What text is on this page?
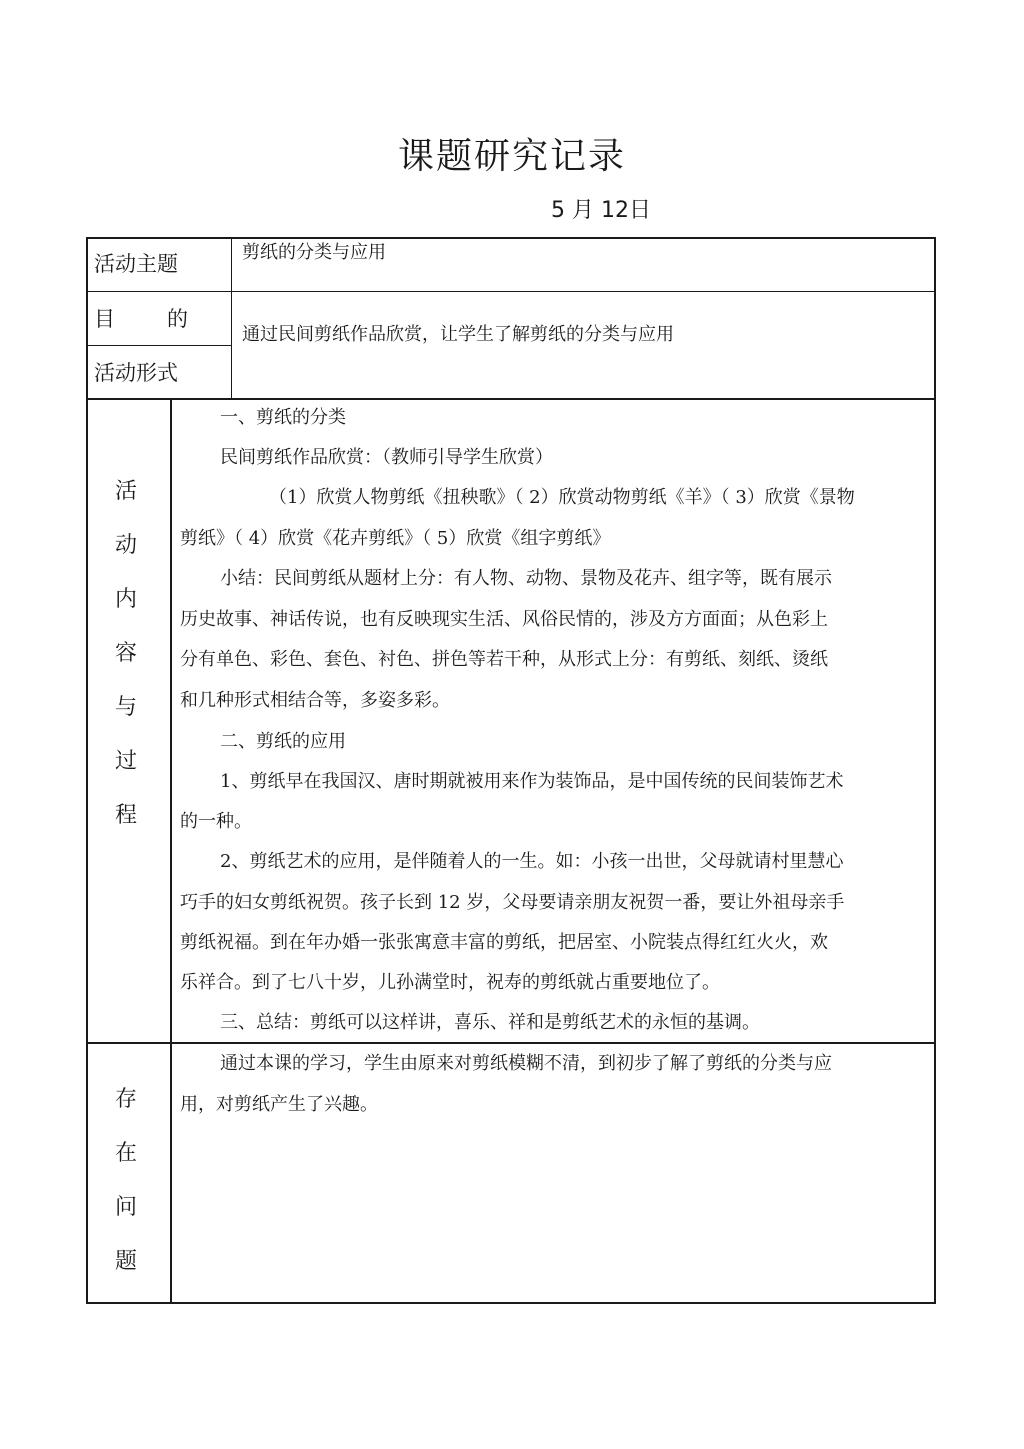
课题研究记录
5 月 12日
活动主题	剪纸的分类与应用
目 的
通过民间剪纸作品欣赏，让学生了解剪纸的分类与应用
活动形式
活
动
内
容
与
过
程
一、剪纸的分类
民间剪纸作品欣赏：（教师引导学生欣赏）
（1）欣赏人物剪纸《扭秧歌》（ 2）欣赏动物剪纸《羊》（ 3）欣赏《景物
剪纸》（ 4）欣赏《花卉剪纸》（ 5）欣赏《组字剪纸》
小结：民间剪纸从题材上分：有人物、动物、景物及花卉、组字等，既有展示
历史故事、神话传说，也有反映现实生活、风俗民情的，涉及方方面面；从色彩上
分有单色、彩色、套色、衬色、拼色等若干种，从形式上分：有剪纸、刻纸、烫纸
和几种形式相结合等，多姿多彩。
二、剪纸的应用
1、剪纸早在我国汉、唐时期就被用来作为装饰品，是中国传统的民间装饰艺术
的一种。
2、剪纸艺术的应用，是伴随着人的一生。如：小孩一出世，父母就请村里慧心
巧手的妇女剪纸祝贺。孩子长到 12 岁，父母要请亲朋友祝贺一番，要让外祖母亲手
剪纸祝福。到在年办婚一张张寓意丰富的剪纸，把居室、小院装点得红红火火，欢
乐祥合。到了七八十岁，儿孙满堂时，祝寿的剪纸就占重要地位了。
三、总结：剪纸可以这样讲，喜乐、祥和是剪纸艺术的永恒的基调。
存
在
问
题
通过本课的学习，学生由原来对剪纸模糊不清，到初步了解了剪纸的分类与应
用，对剪纸产生了兴趣。
